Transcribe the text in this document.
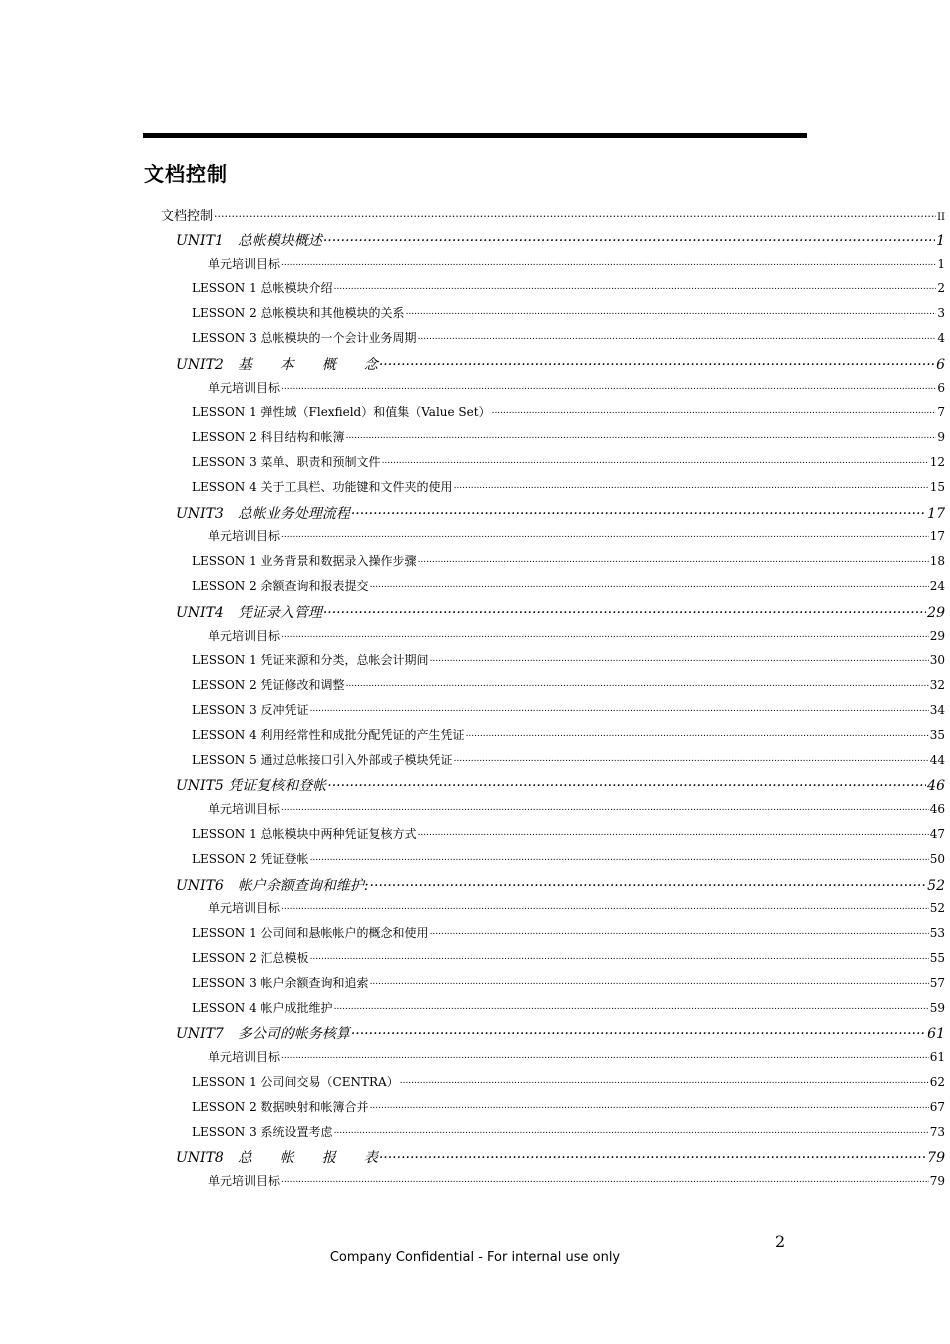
文档控制
文档控制 .....	II
UNIT1　总帐模块概述 .....	1
单元培训目标 .....	1
LESSON 1 总帐模块介绍 .....	2
LESSON 2 总帐模块和其他模块的关系 .....	3
LESSON 3 总帐模块的一个会计业务周期 .....	4
UNIT2　基　　本　　概　　念 .....	6
单元培训目标 .....	6
LESSON 1 弹性域（Flexfield）和值集（Value Set） .....	7
LESSON 2 科目结构和帐簿 .....	9
LESSON 3 菜单、职责和预制文件 .....	12
LESSON 4 关于工具栏、功能键和文件夹的使用 .....	15
UNIT3　总帐业务处理流程 .....	17
单元培训目标 .....	17
LESSON 1 业务背景和数据录入操作步骤 .....	18
LESSON 2 余额查询和报表提交 .....	24
UNIT4　凭证录入管理 .....	29
单元培训目标 .....	29
LESSON 1 凭证来源和分类，总帐会计期间 .....	30
LESSON 2 凭证修改和调整 .....	32
LESSON 3 反冲凭证 .....	34
LESSON 4 利用经常性和成批分配凭证的产生凭证 .....	35
LESSON 5 通过总帐接口引入外部或子模块凭证 .....	44
UNIT5 凭证复核和登帐 .....	46
单元培训目标 .....	46
LESSON 1 总帐模块中两种凭证复核方式 .....	47
LESSON 2 凭证登帐 .....	50
UNIT6　帐户余额查询和维护: .....	52
单元培训目标 .....	52
LESSON 1 公司间和悬帐帐户的概念和使用 .....	53
LESSON 2 汇总模板 .....	55
LESSON 3 帐户余额查询和追索 .....	57
LESSON 4 帐户成批维护 .....	59
UNIT7　多公司的帐务核算 .....	61
单元培训目标 .....	61
LESSON 1 公司间交易（CENTRA） .....	62
LESSON 2 数据映射和帐簿合并 .....	67
LESSON 3 系统设置考虑 .....	73
UNIT8　总　　帐　　报　　表 .....	79
单元培训目标 .....	79
2
Company Confidential - For internal use only
